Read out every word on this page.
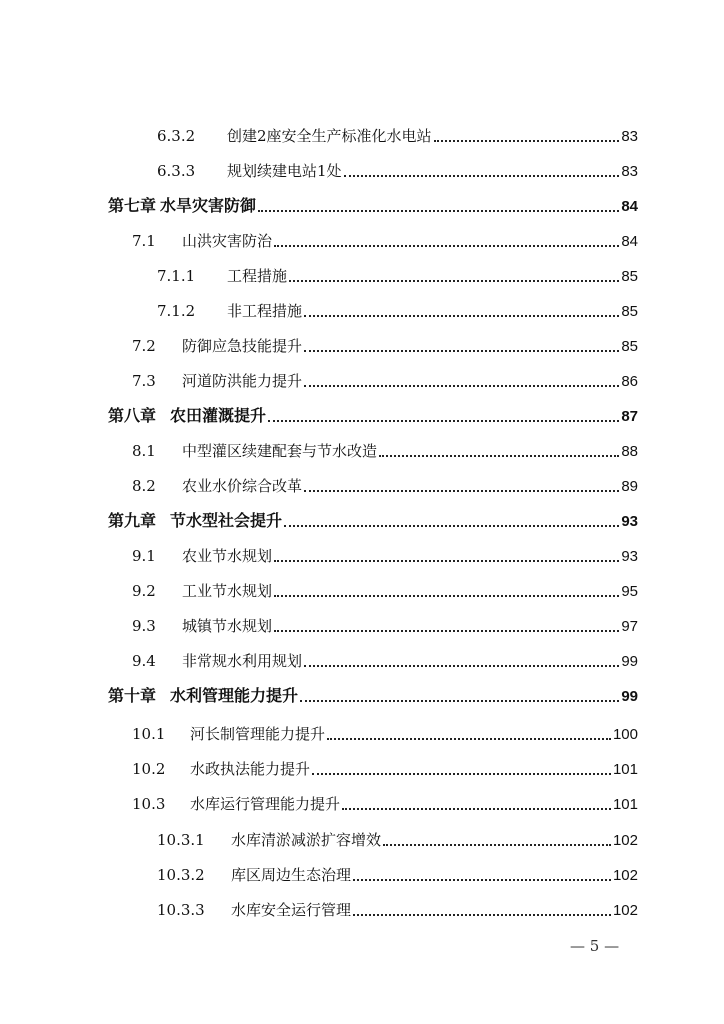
6.3.2	创建2座安全生产标准化水电站	83
6.3.3	规划续建电站1处	83
第七章 水旱灾害防御	84
7.1	山洪灾害防治	84
7.1.1	工程措施	85
7.1.2	非工程措施	85
7.2	防御应急技能提升	85
7.3	河道防洪能力提升	86
第八章 农田灌溉提升	87
8.1	中型灌区续建配套与节水改造	88
8.2	农业水价综合改革	89
第九章 节水型社会提升	93
9.1	农业节水规划	93
9.2	工业节水规划	95
9.3	城镇节水规划	97
9.4	非常规水利用规划	99
第十章 水利管理能力提升	99
10.1	河长制管理能力提升	100
10.2	水政执法能力提升	101
10.3	水库运行管理能力提升	101
10.3.1	水库清淤减淤扩容增效	102
10.3.2	库区周边生态治理	102
10.3.3	水库安全运行管理	102
— 5 —
